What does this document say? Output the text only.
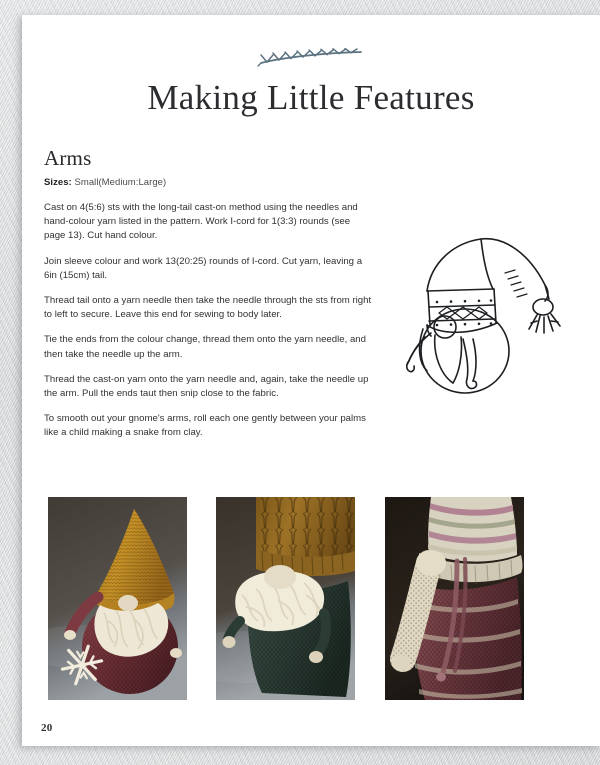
Making Little Features
Arms
Sizes: Small(Medium:Large)

Cast on 4(5:6) sts with the long-tail cast-on method using the needles and hand-colour yarn listed in the pattern. Work I-cord for 1(3:3) rounds (see page 13). Cut hand colour.

Join sleeve colour and work 13(20:25) rounds of I-cord. Cut yarn, leaving a 6in (15cm) tail.

Thread tail onto a yarn needle then take the needle through the sts from right to left to secure. Leave this end for sewing to body later.

Tie the ends from the colour change, thread them onto the yarn needle, and then take the needle up the arm.

Thread the cast-on yarn onto the yarn needle and, again, take the needle up the arm. Pull the ends taut then snip close to the fabric.

To smooth out your gnome's arms, roll each one gently between your palms like a child making a snake from clay.

20
